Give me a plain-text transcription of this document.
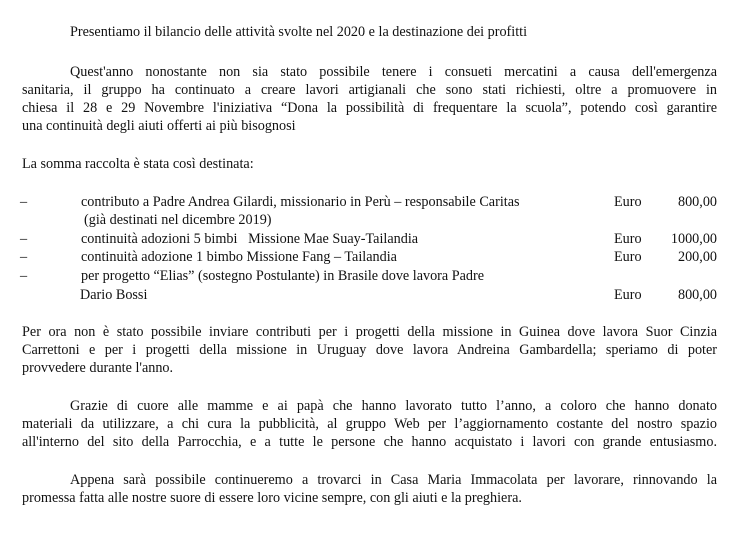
Presentiamo il bilancio delle attività svolte nel 2020 e la destinazione dei profitti
Quest'anno nonostante non sia stato possibile tenere i consueti mercatini a causa dell'emergenza
sanitaria, il gruppo ha continuato a creare lavori artigianali che sono stati richiesti, oltre a promuovere in
chiesa il 28 e 29 Novembre l'iniziativa “Dona la possibilità di frequentare la scuola”, potendo così garantire
una continuità degli aiuti offerti ai più bisognosi
La somma raccolta è stata così destinata:
–	contributo a Padre Andrea Gilardi, missionario in Perù – responsabile Caritas	Euro	800,00
(già destinati nel dicembre 2019)
–	continuità adozioni 5 bimbi   Missione Mae Suay-Tailandia	Euro 1000,00
–	continuità adozione 1 bimbo Missione Fang – Tailandia	Euro	200,00
–	per progetto “Elias” (sostegno Postulante) in Brasile dove lavora Padre
Dario Bossi	Euro	800,00
Per ora non è stato possibile inviare contributi per i progetti della missione in Guinea dove lavora Suor Cinzia
Carrettoni e per i progetti della missione in Uruguay dove lavora Andreina Gambardella; speriamo di poter
provvedere durante l'anno.
Grazie di cuore alle mamme e ai papà che hanno lavorato tutto l’anno, a coloro che hanno donato
materiali da utilizzare, a chi cura la pubblicità, al gruppo Web per l’aggiornamento costante del nostro spazio
all'interno del sito della Parrocchia, e a tutte le persone che hanno acquistato i lavori con grande entusiasmo.
Appena sarà possibile continueremo a trovarci in Casa Maria Immacolata per lavorare, rinnovando la
promessa fatta alle nostre suore di essere loro vicine sempre, con gli aiuti e la preghiera.
